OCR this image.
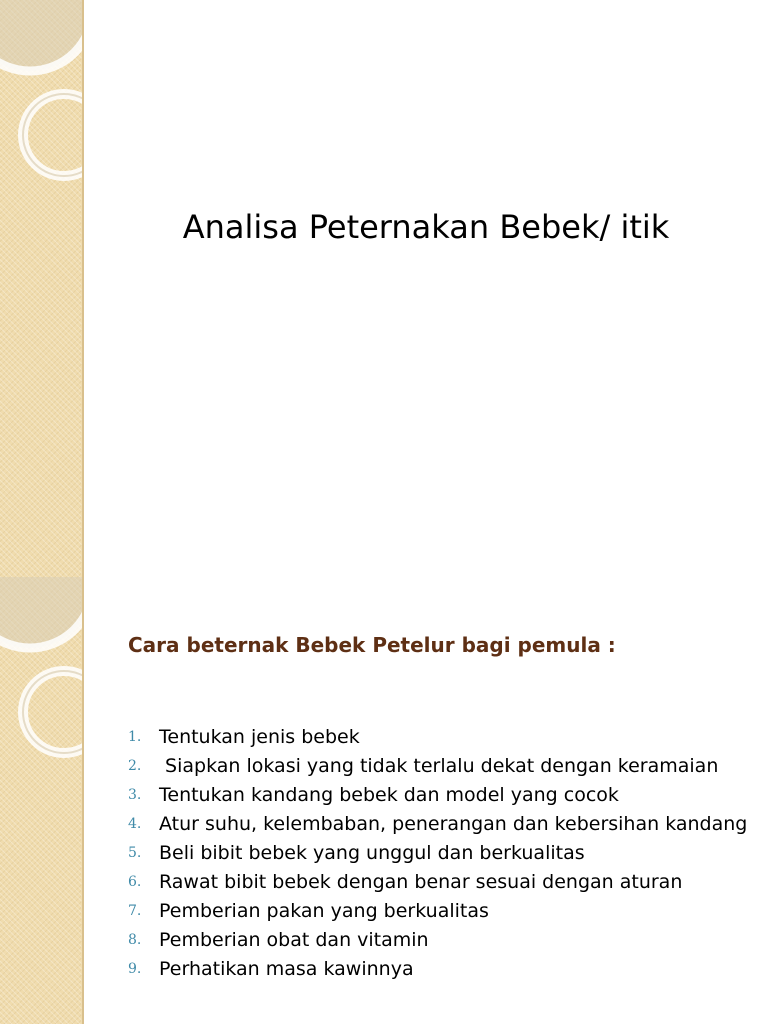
Analisa Peternakan Bebek/ itik
Cara beternak Bebek Petelur bagi pemula :
1. Tentukan jenis bebek
2. Siapkan lokasi yang tidak terlalu dekat dengan keramaian
3. Tentukan kandang bebek dan model yang cocok
4. Atur suhu, kelembaban, penerangan dan kebersihan kandang
5. Beli bibit bebek yang unggul dan berkualitas
6. Rawat bibit bebek dengan benar sesuai dengan aturan
7. Pemberian pakan yang berkualitas
8. Pemberian obat dan vitamin
9. Perhatikan masa kawinnya
